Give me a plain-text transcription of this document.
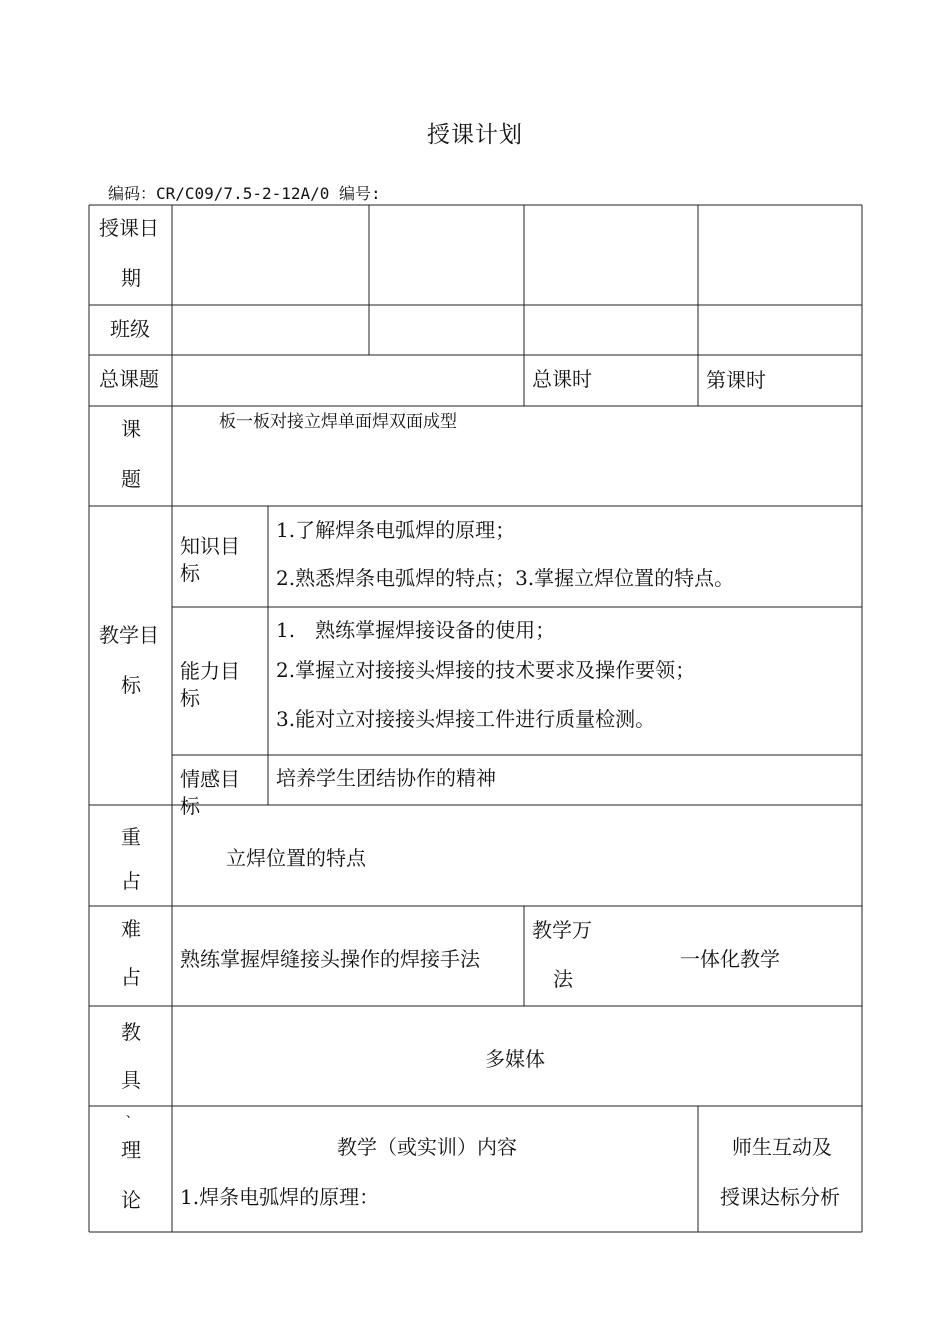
授课计划
编码：CR/C09/7.5-2-12A/0 编号:
授课日
期
班级
总课题	总课时	第课时
课
题
板一板对接立焊单面焊双面成型
教学目
标
知识目
标
1.了解焊条电弧焊的原理；
2.熟悉焊条电弧焊的特点；3.掌握立焊位置的特点。
能力目
标
1.　熟练掌握焊接设备的使用；
2.掌握立对接接头焊接的技术要求及操作要领；
3.能对立对接接头焊接工件进行质量检测。
情感目
标
培养学生团结协作的精神
重
占
立焊位置的特点
难
占
熟练掌握焊缝接头操作的焊接手法
教学万
法
一体化教学
教
具
多媒体
、
理
论
教学（或实训）内容
1.焊条电弧焊的原理：
师生互动及
授课达标分析
